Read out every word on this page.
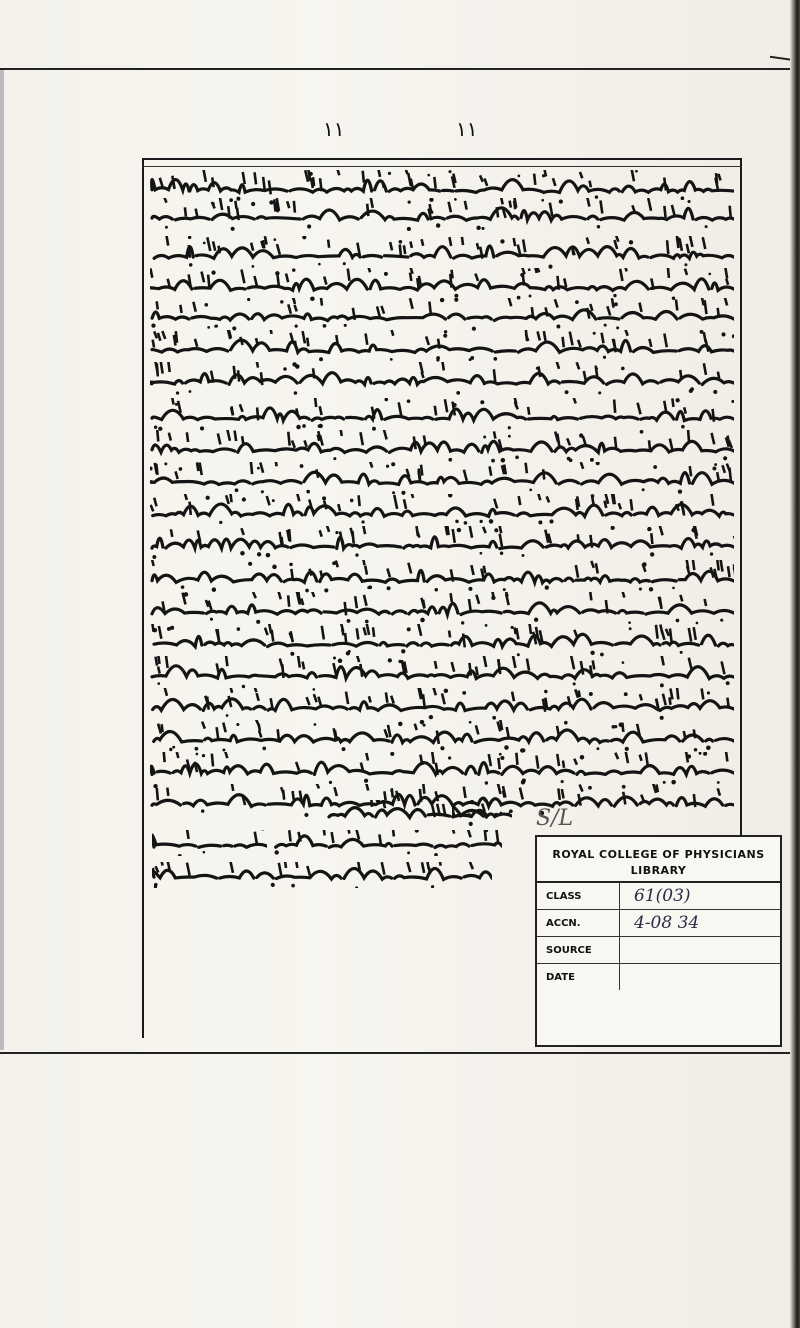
۱۱	۱۱
S/L
ROYAL COLLEGE OF PHYSICIANS
LIBRARY
CLASS	61(03)
ACCN.	4-08 34
SOURCE
DATE
